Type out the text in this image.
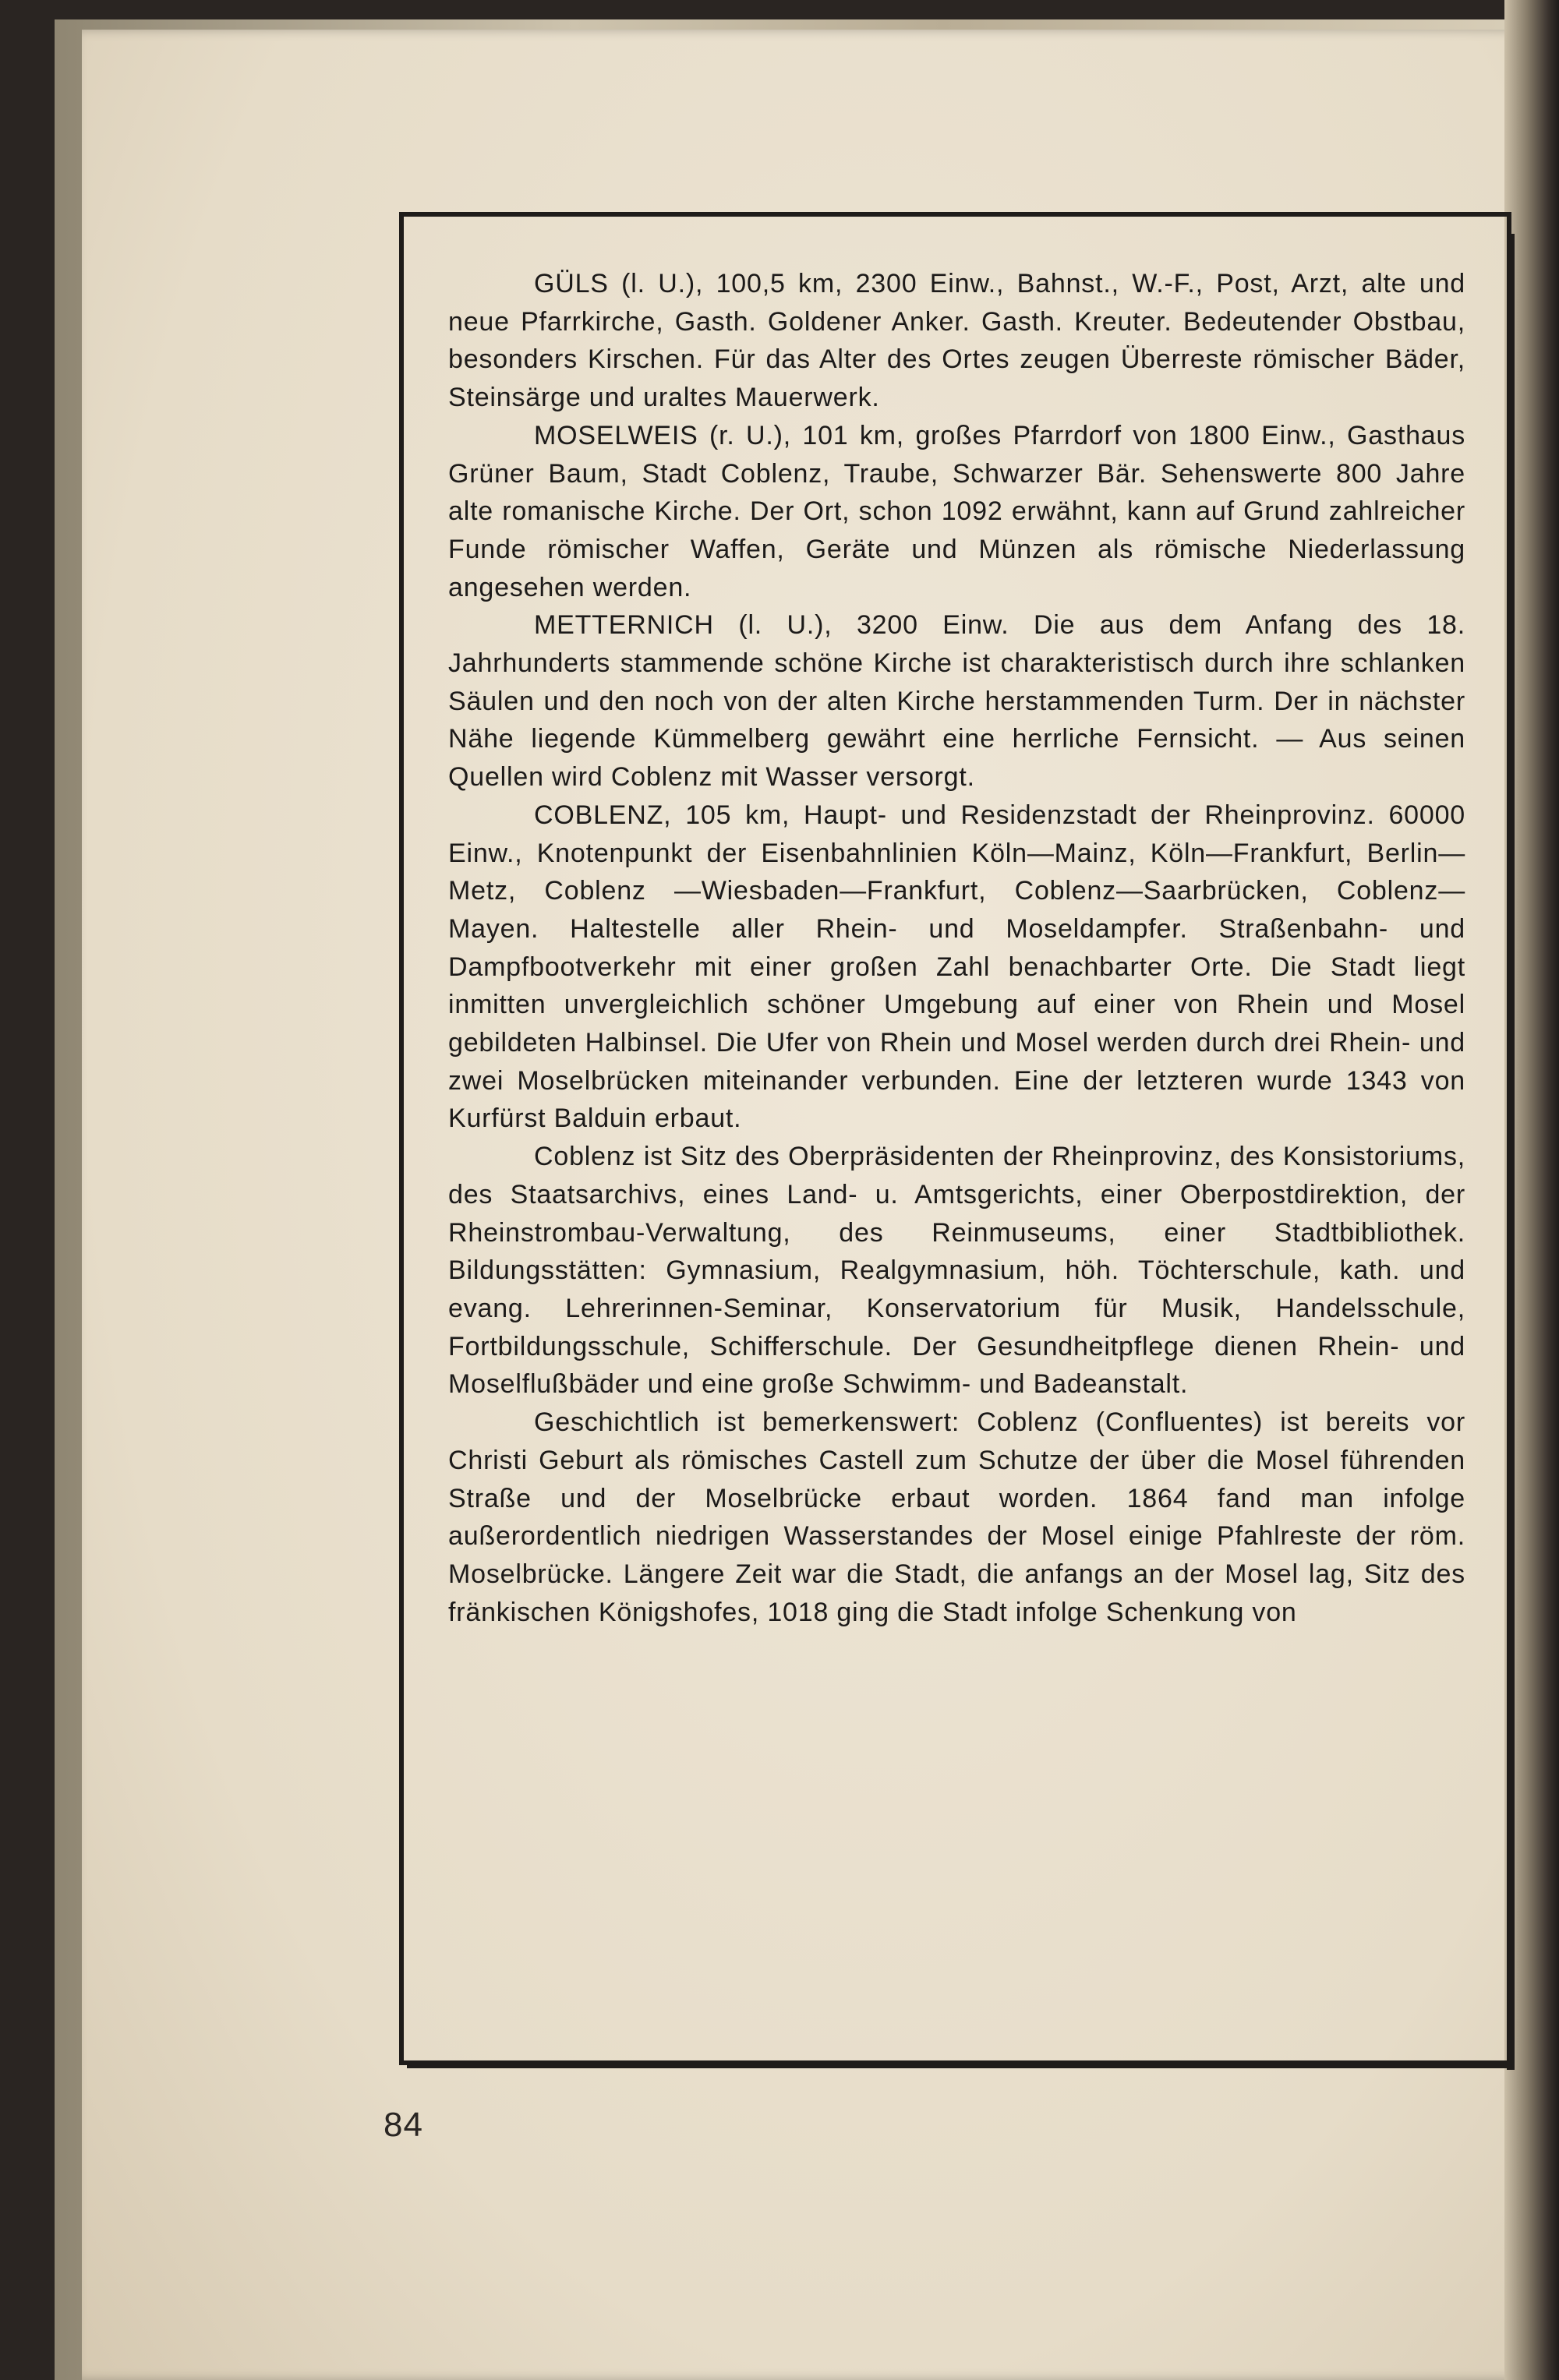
GÜLS (l. U.), 100,5 km, 2300 Einw., Bahnst., W.-F., Post, Arzt, alte und neue Pfarrkirche, Gasth. Goldener Anker. Gasth. Kreuter. Bedeutender Obstbau, besonders Kirschen. Für das Alter des Ortes zeugen Überreste römischer Bäder, Steinsärge und uraltes Mauerwerk.

MOSELWEIS (r. U.), 101 km, großes Pfarrdorf von 1800 Einw., Gasthaus Grüner Baum, Stadt Coblenz, Traube, Schwarzer Bär. Sehenswerte 800 Jahre alte romanische Kirche. Der Ort, schon 1092 erwähnt, kann auf Grund zahlreicher Funde römischer Waffen, Geräte und Münzen als römische Niederlassung angesehen werden.

METTERNICH (l. U.), 3200 Einw. Die aus dem Anfang des 18. Jahrhunderts stammende schöne Kirche ist charakteristisch durch ihre schlanken Säulen und den noch von der alten Kirche herstammenden Turm. Der in nächster Nähe liegende Kümmelberg gewährt eine herrliche Fernsicht. — Aus seinen Quellen wird Coblenz mit Wasser versorgt.

COBLENZ, 105 km, Haupt- und Residenzstadt der Rheinprovinz. 60000 Einw., Knotenpunkt der Eisenbahnlinien Köln—Mainz, Köln—Frankfurt, Berlin—Metz, Coblenz —Wiesbaden—Frankfurt, Coblenz—Saarbrücken, Coblenz—Mayen. Haltestelle aller Rhein- und Moseldampfer. Straßenbahn- und Dampfbootverkehr mit einer großen Zahl benachbarter Orte. Die Stadt liegt inmitten unvergleichlich schöner Umgebung auf einer von Rhein und Mosel gebildeten Halbinsel. Die Ufer von Rhein und Mosel werden durch drei Rhein- und zwei Moselbrücken miteinander verbunden. Eine der letzteren wurde 1343 von Kurfürst Balduin erbaut.

Coblenz ist Sitz des Oberpräsidenten der Rheinprovinz, des Konsistoriums, des Staatsarchivs, eines Land- u. Amtsgerichts, einer Oberpostdirektion, der Rheinstrombau-Verwaltung, des Reinmuseums, einer Stadtbibliothek. Bildungsstätten: Gymnasium, Realgymnasium, höh. Töchterschule, kath. und evang. Lehrerinnen-Seminar, Konservatorium für Musik, Handelsschule, Fortbildungsschule, Schifferschule. Der Gesundheitpflege dienen Rhein- und Moselflußbäder und eine große Schwimm- und Badeanstalt.

Geschichtlich ist bemerkenswert: Coblenz (Confluentes) ist bereits vor Christi Geburt als römisches Castell zum Schutze der über die Mosel führenden Straße und der Moselbrücke erbaut worden. 1864 fand man infolge außerordentlich niedrigen Wasserstandes der Mosel einige Pfahlreste der röm. Moselbrücke. Längere Zeit war die Stadt, die anfangs an der Mosel lag, Sitz des fränkischen Königshofes, 1018 ging die Stadt infolge Schenkung von

84
